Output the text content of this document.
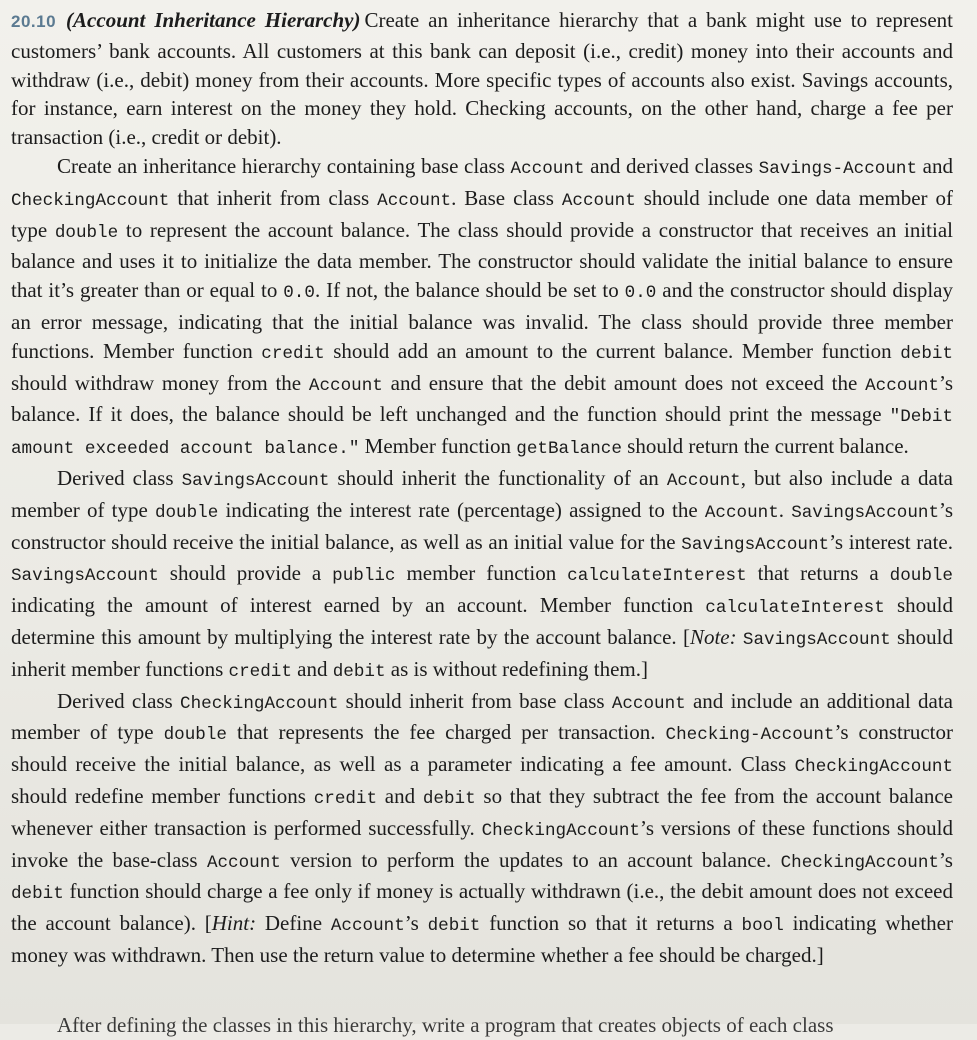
20.10 (Account Inheritance Hierarchy) Create an inheritance hierarchy that a bank might use to represent customers’ bank accounts. All customers at this bank can deposit (i.e., credit) money into their accounts and withdraw (i.e., debit) money from their accounts. More specific types of accounts also exist. Savings accounts, for instance, earn interest on the money they hold. Checking accounts, on the other hand, charge a fee per transaction (i.e., credit or debit).

Create an inheritance hierarchy containing base class Account and derived classes Savings-Account and CheckingAccount that inherit from class Account. Base class Account should include one data member of type double to represent the account balance. The class should provide a constructor that receives an initial balance and uses it to initialize the data member. The constructor should validate the initial balance to ensure that it’s greater than or equal to 0.0. If not, the balance should be set to 0.0 and the constructor should display an error message, indicating that the initial balance was invalid. The class should provide three member functions. Member function credit should add an amount to the current balance. Member function debit should withdraw money from the Account and ensure that the debit amount does not exceed the Account’s balance. If it does, the balance should be left unchanged and the function should print the message "Debit amount exceeded account balance." Member function getBalance should return the current balance.

Derived class SavingsAccount should inherit the functionality of an Account, but also include a data member of type double indicating the interest rate (percentage) assigned to the Account. SavingsAccount’s constructor should receive the initial balance, as well as an initial value for the SavingsAccount’s interest rate. SavingsAccount should provide a public member function calculateInterest that returns a double indicating the amount of interest earned by an account. Member function calculateInterest should determine this amount by multiplying the interest rate by the account balance. [Note: SavingsAccount should inherit member functions credit and debit as is without redefining them.]

Derived class CheckingAccount should inherit from base class Account and include an additional data member of type double that represents the fee charged per transaction. Checking-Account’s constructor should receive the initial balance, as well as a parameter indicating a fee amount. Class CheckingAccount should redefine member functions credit and debit so that they subtract the fee from the account balance whenever either transaction is performed successfully. CheckingAccount’s versions of these functions should invoke the base-class Account version to perform the updates to an account balance. CheckingAccount’s debit function should charge a fee only if money is actually withdrawn (i.e., the debit amount does not exceed the account balance). [Hint: Define Account’s debit function so that it returns a bool indicating whether money was withdrawn. Then use the return value to determine whether a fee should be charged.]

After defining the classes in this hierarchy, write a program that creates objects of each class
